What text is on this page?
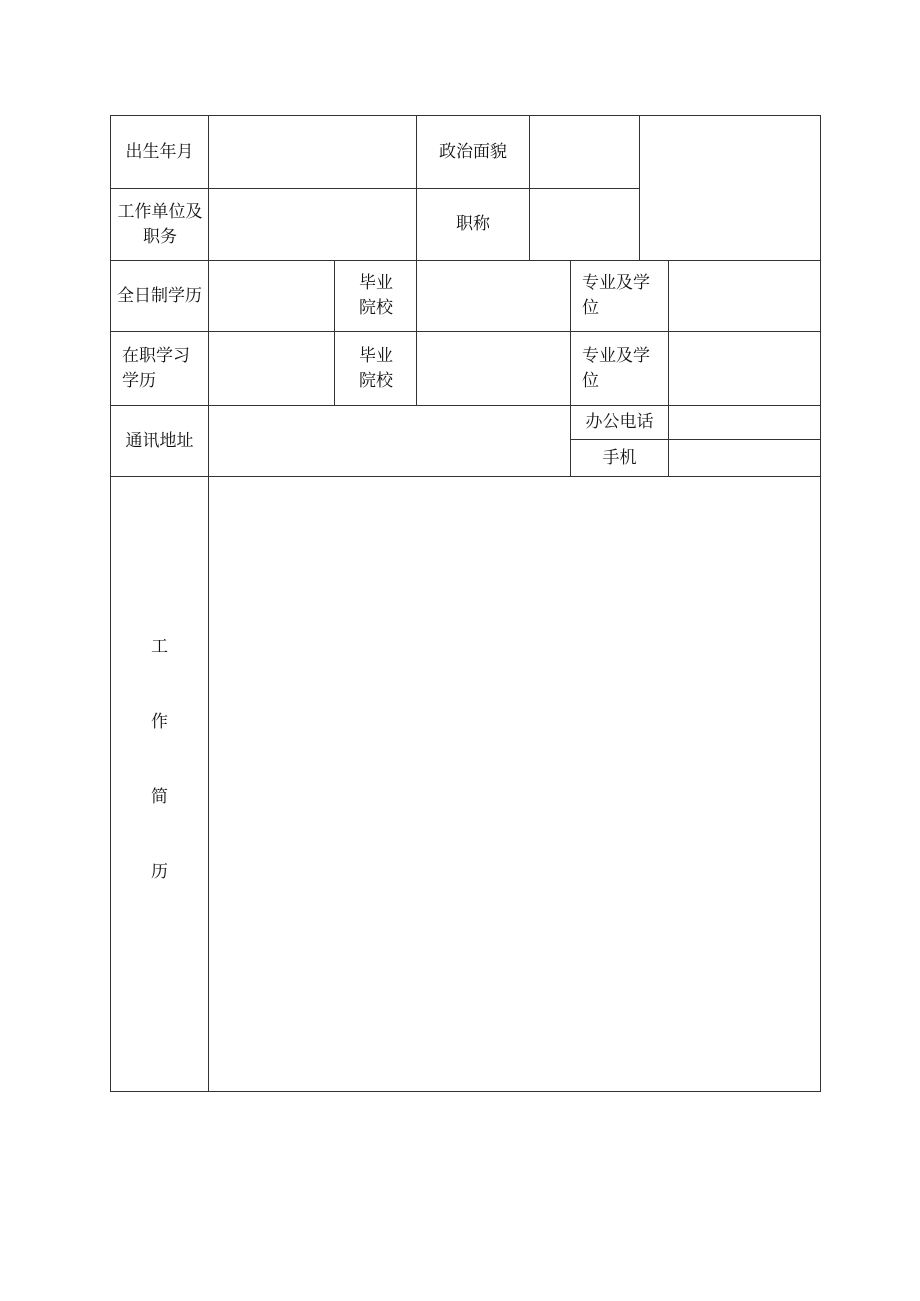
出生年月	政治面貌
工作单位及职务
职称
全日制学历
毕业院校
专业及学位
在职学习学历
毕业院校
专业及学位
通讯地址
办公电话
手机
工
作
简
历
